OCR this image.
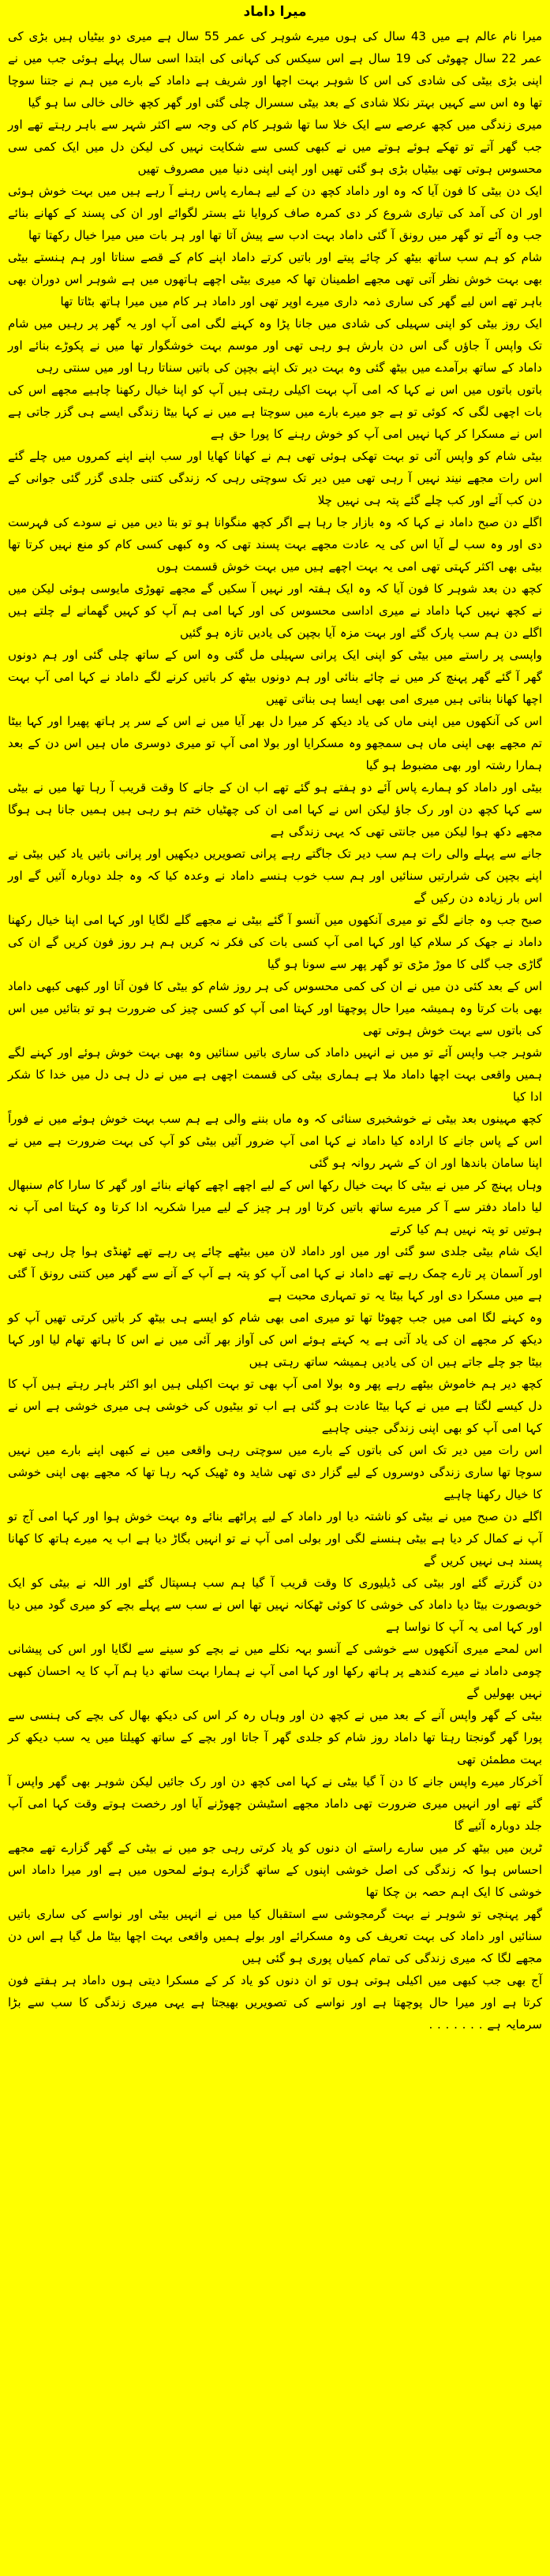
میرا داماد

میرا نام عالم ہے میں 43 سال کی ہوں میرے شوہر کی عمر 55 سال ہے میری دو بیٹیاں ہیں بڑی کی عمر 22 سال چھوٹی کی 19 سال ہے اس سیکس کی کہانی کی ابتدا اسی سال پہلے ہوئی جب میں نے اپنی بڑی بیٹی کی شادی کی اس کا شوہر بہت اچھا اور شریف ہے داماد کے بارے میں ہم نے جتنا سوچا تھا وہ اس سے کہیں بہتر نکلا شادی کے بعد بیٹی سسرال چلی گئی اور گھر کچھ خالی خالی سا ہو گیا

میری زندگی میں کچھ عرصے سے ایک خلا سا تھا شوہر کام کی وجہ سے اکثر شہر سے باہر رہتے تھے اور جب گھر آتے تو تھکے ہوئے ہوتے میں نے کبھی کسی سے شکایت نہیں کی لیکن دل میں ایک کمی سی محسوس ہوتی تھی بیٹیاں بڑی ہو گئی تھیں اور اپنی اپنی دنیا میں مصروف تھیں

ایک دن بیٹی کا فون آیا کہ وہ اور داماد کچھ دن کے لیے ہمارے پاس رہنے آ رہے ہیں میں بہت خوش ہوئی اور ان کی آمد کی تیاری شروع کر دی کمرہ صاف کروایا نئے بستر لگوائے اور ان کی پسند کے کھانے بنائے جب وہ آئے تو گھر میں رونق آ گئی داماد بہت ادب سے پیش آتا تھا اور ہر بات میں میرا خیال رکھتا تھا

شام کو ہم سب ساتھ بیٹھ کر چائے پیتے اور باتیں کرتے داماد اپنے کام کے قصے سناتا اور ہم ہنستے بیٹی بھی بہت خوش نظر آتی تھی مجھے اطمینان تھا کہ میری بیٹی اچھے ہاتھوں میں ہے شوہر اس دوران بھی باہر تھے اس لیے گھر کی ساری ذمہ داری میرے اوپر تھی اور داماد ہر کام میں میرا ہاتھ بٹاتا تھا

ایک روز بیٹی کو اپنی سہیلی کی شادی میں جانا پڑا وہ کہنے لگی امی آپ اور یہ گھر پر رہیں میں شام تک واپس آ جاؤں گی اس دن بارش ہو رہی تھی اور موسم بہت خوشگوار تھا میں نے پکوڑے بنائے اور داماد کے ساتھ برآمدے میں بیٹھ گئی وہ بہت دیر تک اپنے بچپن کی باتیں سناتا رہا اور میں سنتی رہی

باتوں باتوں میں اس نے کہا کہ امی آپ بہت اکیلی رہتی ہیں آپ کو اپنا خیال رکھنا چاہیے مجھے اس کی بات اچھی لگی کہ کوئی تو ہے جو میرے بارے میں سوچتا ہے میں نے کہا بیٹا زندگی ایسے ہی گزر جاتی ہے اس نے مسکرا کر کہا نہیں امی آپ کو خوش رہنے کا پورا حق ہے

بیٹی شام کو واپس آئی تو بہت تھکی ہوئی تھی ہم نے کھانا کھایا اور سب اپنے اپنے کمروں میں چلے گئے اس رات مجھے نیند نہیں آ رہی تھی میں دیر تک سوچتی رہی کہ زندگی کتنی جلدی گزر گئی جوانی کے دن کب آئے اور کب چلے گئے پتہ ہی نہیں چلا

اگلے دن صبح داماد نے کہا کہ وہ بازار جا رہا ہے اگر کچھ منگوانا ہو تو بتا دیں میں نے سودے کی فہرست دی اور وہ سب لے آیا اس کی یہ عادت مجھے بہت پسند تھی کہ وہ کبھی کسی کام کو منع نہیں کرتا تھا بیٹی بھی اکثر کہتی تھی امی یہ بہت اچھے ہیں میں بہت خوش قسمت ہوں

کچھ دن بعد شوہر کا فون آیا کہ وہ ایک ہفتہ اور نہیں آ سکیں گے مجھے تھوڑی مایوسی ہوئی لیکن میں نے کچھ نہیں کہا داماد نے میری اداسی محسوس کی اور کہا امی ہم آپ کو کہیں گھمانے لے چلتے ہیں اگلے دن ہم سب پارک گئے اور بہت مزہ آیا بچپن کی یادیں تازہ ہو گئیں

واپسی پر راستے میں بیٹی کو اپنی ایک پرانی سہیلی مل گئی وہ اس کے ساتھ چلی گئی اور ہم دونوں گھر آ گئے گھر پہنچ کر میں نے چائے بنائی اور ہم دونوں بیٹھ کر باتیں کرنے لگے داماد نے کہا امی آپ بہت اچھا کھانا بناتی ہیں میری امی بھی ایسا ہی بناتی تھیں

اس کی آنکھوں میں اپنی ماں کی یاد دیکھ کر میرا دل بھر آیا میں نے اس کے سر پر ہاتھ پھیرا اور کہا بیٹا تم مجھے بھی اپنی ماں ہی سمجھو وہ مسکرایا اور بولا امی آپ تو میری دوسری ماں ہیں اس دن کے بعد ہمارا رشتہ اور بھی مضبوط ہو گیا

بیٹی اور داماد کو ہمارے پاس آئے دو ہفتے ہو گئے تھے اب ان کے جانے کا وقت قریب آ رہا تھا میں نے بیٹی سے کہا کچھ دن اور رک جاؤ لیکن اس نے کہا امی ان کی چھٹیاں ختم ہو رہی ہیں ہمیں جانا ہی ہوگا مجھے دکھ ہوا لیکن میں جانتی تھی کہ یہی زندگی ہے

جانے سے پہلے والی رات ہم سب دیر تک جاگتے رہے پرانی تصویریں دیکھیں اور پرانی باتیں یاد کیں بیٹی نے اپنے بچپن کی شرارتیں سنائیں اور ہم سب خوب ہنسے داماد نے وعدہ کیا کہ وہ جلد دوبارہ آئیں گے اور اس بار زیادہ دن رکیں گے

صبح جب وہ جانے لگے تو میری آنکھوں میں آنسو آ گئے بیٹی نے مجھے گلے لگایا اور کہا امی اپنا خیال رکھنا داماد نے جھک کر سلام کیا اور کہا امی آپ کسی بات کی فکر نہ کریں ہم ہر روز فون کریں گے ان کی گاڑی جب گلی کا موڑ مڑی تو گھر پھر سے سونا ہو گیا

اس کے بعد کئی دن میں نے ان کی کمی محسوس کی ہر روز شام کو بیٹی کا فون آتا اور کبھی کبھی داماد بھی بات کرتا وہ ہمیشہ میرا حال پوچھتا اور کہتا امی آپ کو کسی چیز کی ضرورت ہو تو بتائیں میں اس کی باتوں سے بہت خوش ہوتی تھی

شوہر جب واپس آئے تو میں نے انہیں داماد کی ساری باتیں سنائیں وہ بھی بہت خوش ہوئے اور کہنے لگے ہمیں واقعی بہت اچھا داماد ملا ہے ہماری بیٹی کی قسمت اچھی ہے میں نے دل ہی دل میں خدا کا شکر ادا کیا

کچھ مہینوں بعد بیٹی نے خوشخبری سنائی کہ وہ ماں بننے والی ہے ہم سب بہت خوش ہوئے میں نے فوراً اس کے پاس جانے کا ارادہ کیا داماد نے کہا امی آپ ضرور آئیں بیٹی کو آپ کی بہت ضرورت ہے میں نے اپنا سامان باندھا اور ان کے شہر روانہ ہو گئی

وہاں پہنچ کر میں نے بیٹی کا بہت خیال رکھا اس کے لیے اچھے اچھے کھانے بنائے اور گھر کا سارا کام سنبھال لیا داماد دفتر سے آ کر میرے ساتھ باتیں کرتا اور ہر چیز کے لیے میرا شکریہ ادا کرتا وہ کہتا امی آپ نہ ہوتیں تو پتہ نہیں ہم کیا کرتے

ایک شام بیٹی جلدی سو گئی اور میں اور داماد لان میں بیٹھے چائے پی رہے تھے ٹھنڈی ہوا چل رہی تھی اور آسمان پر تارے چمک رہے تھے داماد نے کہا امی آپ کو پتہ ہے آپ کے آنے سے گھر میں کتنی رونق آ گئی ہے میں مسکرا دی اور کہا بیٹا یہ تو تمہاری محبت ہے

وہ کہنے لگا امی میں جب چھوٹا تھا تو میری امی بھی شام کو ایسے ہی بیٹھ کر باتیں کرتی تھیں آپ کو دیکھ کر مجھے ان کی یاد آتی ہے یہ کہتے ہوئے اس کی آواز بھر آئی میں نے اس کا ہاتھ تھام لیا اور کہا بیٹا جو چلے جاتے ہیں ان کی یادیں ہمیشہ ساتھ رہتی ہیں

کچھ دیر ہم خاموش بیٹھے رہے پھر وہ بولا امی آپ بھی تو بہت اکیلی ہیں ابو اکثر باہر رہتے ہیں آپ کا دل کیسے لگتا ہے میں نے کہا بیٹا عادت ہو گئی ہے اب تو بیٹیوں کی خوشی ہی میری خوشی ہے اس نے کہا امی آپ کو بھی اپنی زندگی جینی چاہیے

اس رات میں دیر تک اس کی باتوں کے بارے میں سوچتی رہی واقعی میں نے کبھی اپنے بارے میں نہیں سوچا تھا ساری زندگی دوسروں کے لیے گزار دی تھی شاید وہ ٹھیک کہہ رہا تھا کہ مجھے بھی اپنی خوشی کا خیال رکھنا چاہیے

اگلے دن صبح میں نے بیٹی کو ناشتہ دیا اور داماد کے لیے پراٹھے بنائے وہ بہت خوش ہوا اور کہا امی آج تو آپ نے کمال کر دیا ہے بیٹی ہنسنے لگی اور بولی امی آپ نے تو انہیں بگاڑ دیا ہے اب یہ میرے ہاتھ کا کھانا پسند ہی نہیں کریں گے

دن گزرتے گئے اور بیٹی کی ڈیلیوری کا وقت قریب آ گیا ہم سب ہسپتال گئے اور اللہ نے بیٹی کو ایک خوبصورت بیٹا دیا داماد کی خوشی کا کوئی ٹھکانہ نہیں تھا اس نے سب سے پہلے بچے کو میری گود میں دیا اور کہا امی یہ آپ کا نواسا ہے

اس لمحے میری آنکھوں سے خوشی کے آنسو بہہ نکلے میں نے بچے کو سینے سے لگایا اور اس کی پیشانی چومی داماد نے میرے کندھے پر ہاتھ رکھا اور کہا امی آپ نے ہمارا بہت ساتھ دیا ہم آپ کا یہ احسان کبھی نہیں بھولیں گے

بیٹی کے گھر واپس آنے کے بعد میں نے کچھ دن اور وہاں رہ کر اس کی دیکھ بھال کی بچے کی ہنسی سے پورا گھر گونجتا رہتا تھا داماد روز شام کو جلدی گھر آ جاتا اور بچے کے ساتھ کھیلتا میں یہ سب دیکھ کر بہت مطمئن تھی

آخرکار میرے واپس جانے کا دن آ گیا بیٹی نے کہا امی کچھ دن اور رک جائیں لیکن شوہر بھی گھر واپس آ گئے تھے اور انہیں میری ضرورت تھی داماد مجھے اسٹیشن چھوڑنے آیا اور رخصت ہوتے وقت کہا امی آپ جلد دوبارہ آئیے گا

ٹرین میں بیٹھ کر میں سارے راستے ان دنوں کو یاد کرتی رہی جو میں نے بیٹی کے گھر گزارے تھے مجھے احساس ہوا کہ زندگی کی اصل خوشی اپنوں کے ساتھ گزارے ہوئے لمحوں میں ہے اور میرا داماد اس خوشی کا ایک اہم حصہ بن چکا تھا

گھر پہنچی تو شوہر نے بہت گرمجوشی سے استقبال کیا میں نے انہیں بیٹی اور نواسے کی ساری باتیں سنائیں اور داماد کی بہت تعریف کی وہ مسکرائے اور بولے ہمیں واقعی بہت اچھا بیٹا مل گیا ہے اس دن مجھے لگا کہ میری زندگی کی تمام کمیاں پوری ہو گئی ہیں

آج بھی جب کبھی میں اکیلی ہوتی ہوں تو ان دنوں کو یاد کر کے مسکرا دیتی ہوں داماد ہر ہفتے فون کرتا ہے اور میرا حال پوچھتا ہے اور نواسے کی تصویریں بھیجتا ہے یہی میری زندگی کا سب سے بڑا سرمایہ ہے . . . . . . .
